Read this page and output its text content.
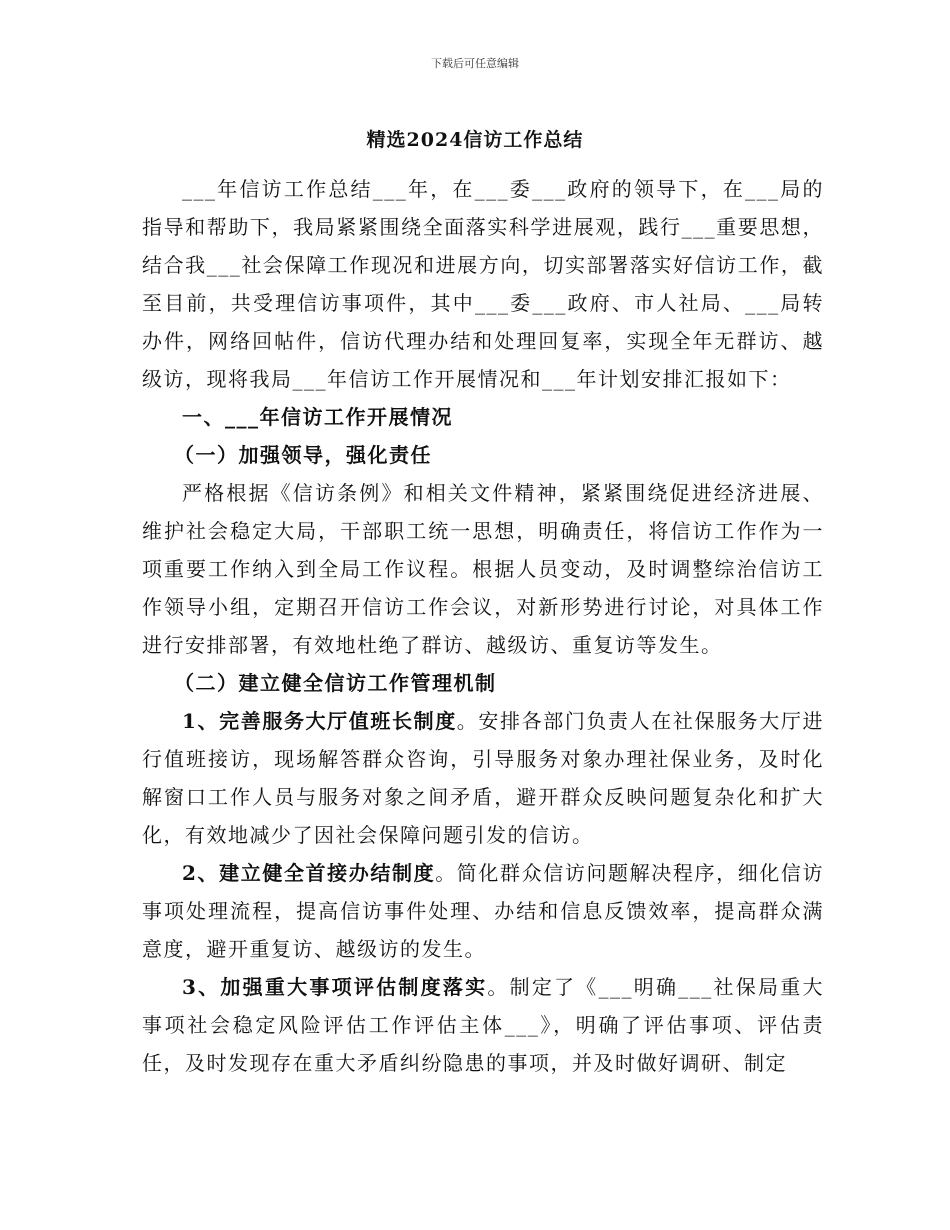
下载后可任意编辑
精选2024信访工作总结

___年信访工作总结___年，在___委___政府的领导下，在___局的指导和帮助下，我局紧紧围绕全面落实科学进展观，践行___重要思想，结合我___社会保障工作现况和进展方向，切实部署落实好信访工作，截至目前，共受理信访事项件，其中___委___政府、市人社局、___局转办件，网络回帖件，信访代理办结和处理回复率，实现全年无群访、越级访，现将我局___年信访工作开展情况和___年计划安排汇报如下：

一、___年信访工作开展情况

（一）加强领导，强化责任

严格根据《信访条例》和相关文件精神，紧紧围绕促进经济进展、维护社会稳定大局，干部职工统一思想，明确责任，将信访工作作为一项重要工作纳入到全局工作议程。根据人员变动，及时调整综治信访工作领导小组，定期召开信访工作会议，对新形势进行讨论，对具体工作进行安排部署，有效地杜绝了群访、越级访、重复访等发生。

（二）建立健全信访工作管理机制

1、完善服务大厅值班长制度。安排各部门负责人在社保服务大厅进行值班接访，现场解答群众咨询，引导服务对象办理社保业务，及时化解窗口工作人员与服务对象之间矛盾，避开群众反映问题复杂化和扩大化，有效地减少了因社会保障问题引发的信访。

2、建立健全首接办结制度。简化群众信访问题解决程序，细化信访事项处理流程，提高信访事件处理、办结和信息反馈效率，提高群众满意度，避开重复访、越级访的发生。

3、加强重大事项评估制度落实。制定了《___明确___社保局重大事项社会稳定风险评估工作评估主体___》，明确了评估事项、评估责任，及时发现存在重大矛盾纠纷隐患的事项，并及时做好调研、制定
